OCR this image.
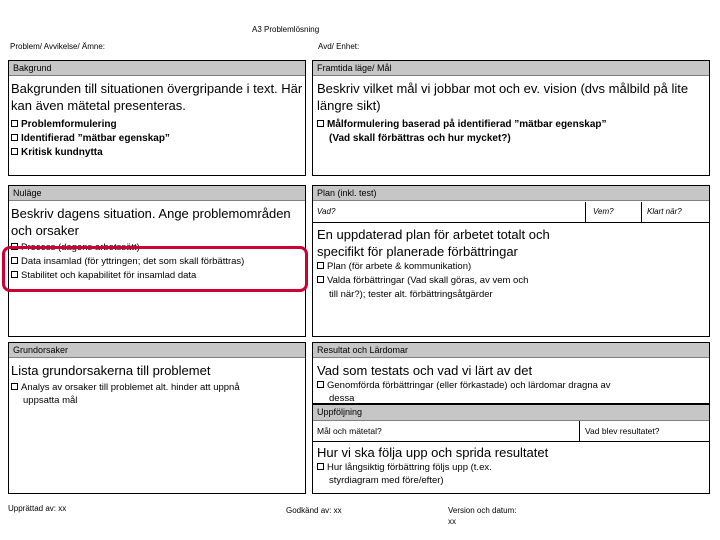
A3 Problemlösning
Problem/ Avvikelse/ Ämne:	Avd/ Enhet:
Bakgrund
Bakgrunden till situationen övergripande i text. Här kan även mätetal presenteras.
Problemformulering
Identifierad ”mätbar egenskap”
Kritisk kundnytta
Framtida läge/ Mål
Beskriv vilket mål vi jobbar mot och ev. vision (dvs målbild på lite längre sikt)
Målformulering baserad på identifierad ”mätbar egenskap”
(Vad skall förbättras och hur mycket?)
Nuläge
Beskriv dagens situation. Ange problemområden och orsaker
Process (dagens arbetssätt)
Data insamlad (för yttringen; det som skall förbättras)
Stabilitet och kapabilitet för insamlad data
Plan (inkl. test)
Vad?	Vem?	Klart när?
En uppdaterad plan för arbetet totalt och specifikt för planerade förbättringar
Plan (för arbete & kommunikation)
Valda förbättringar (Vad skall göras, av vem och
till när?); tester alt. förbättringsåtgärder
Grundorsaker
Lista grundorsakerna till problemet
Analys av orsaker till problemet alt. hinder att uppnå
uppsatta mål
Resultat och Lärdomar
Vad som testats och vad vi lärt av det
Genomförda förbättringar (eller förkastade) och lärdomar dragna av
dessa
Uppföljning
Mål och mätetal?	Vad blev resultatet?
Hur vi ska följa upp och sprida resultatet
Hur långsiktig förbättring följs upp (t.ex.
styrdiagram med före/efter)
Upprättad av: xx	Godkänd av: xx	Version och datum:
xx
